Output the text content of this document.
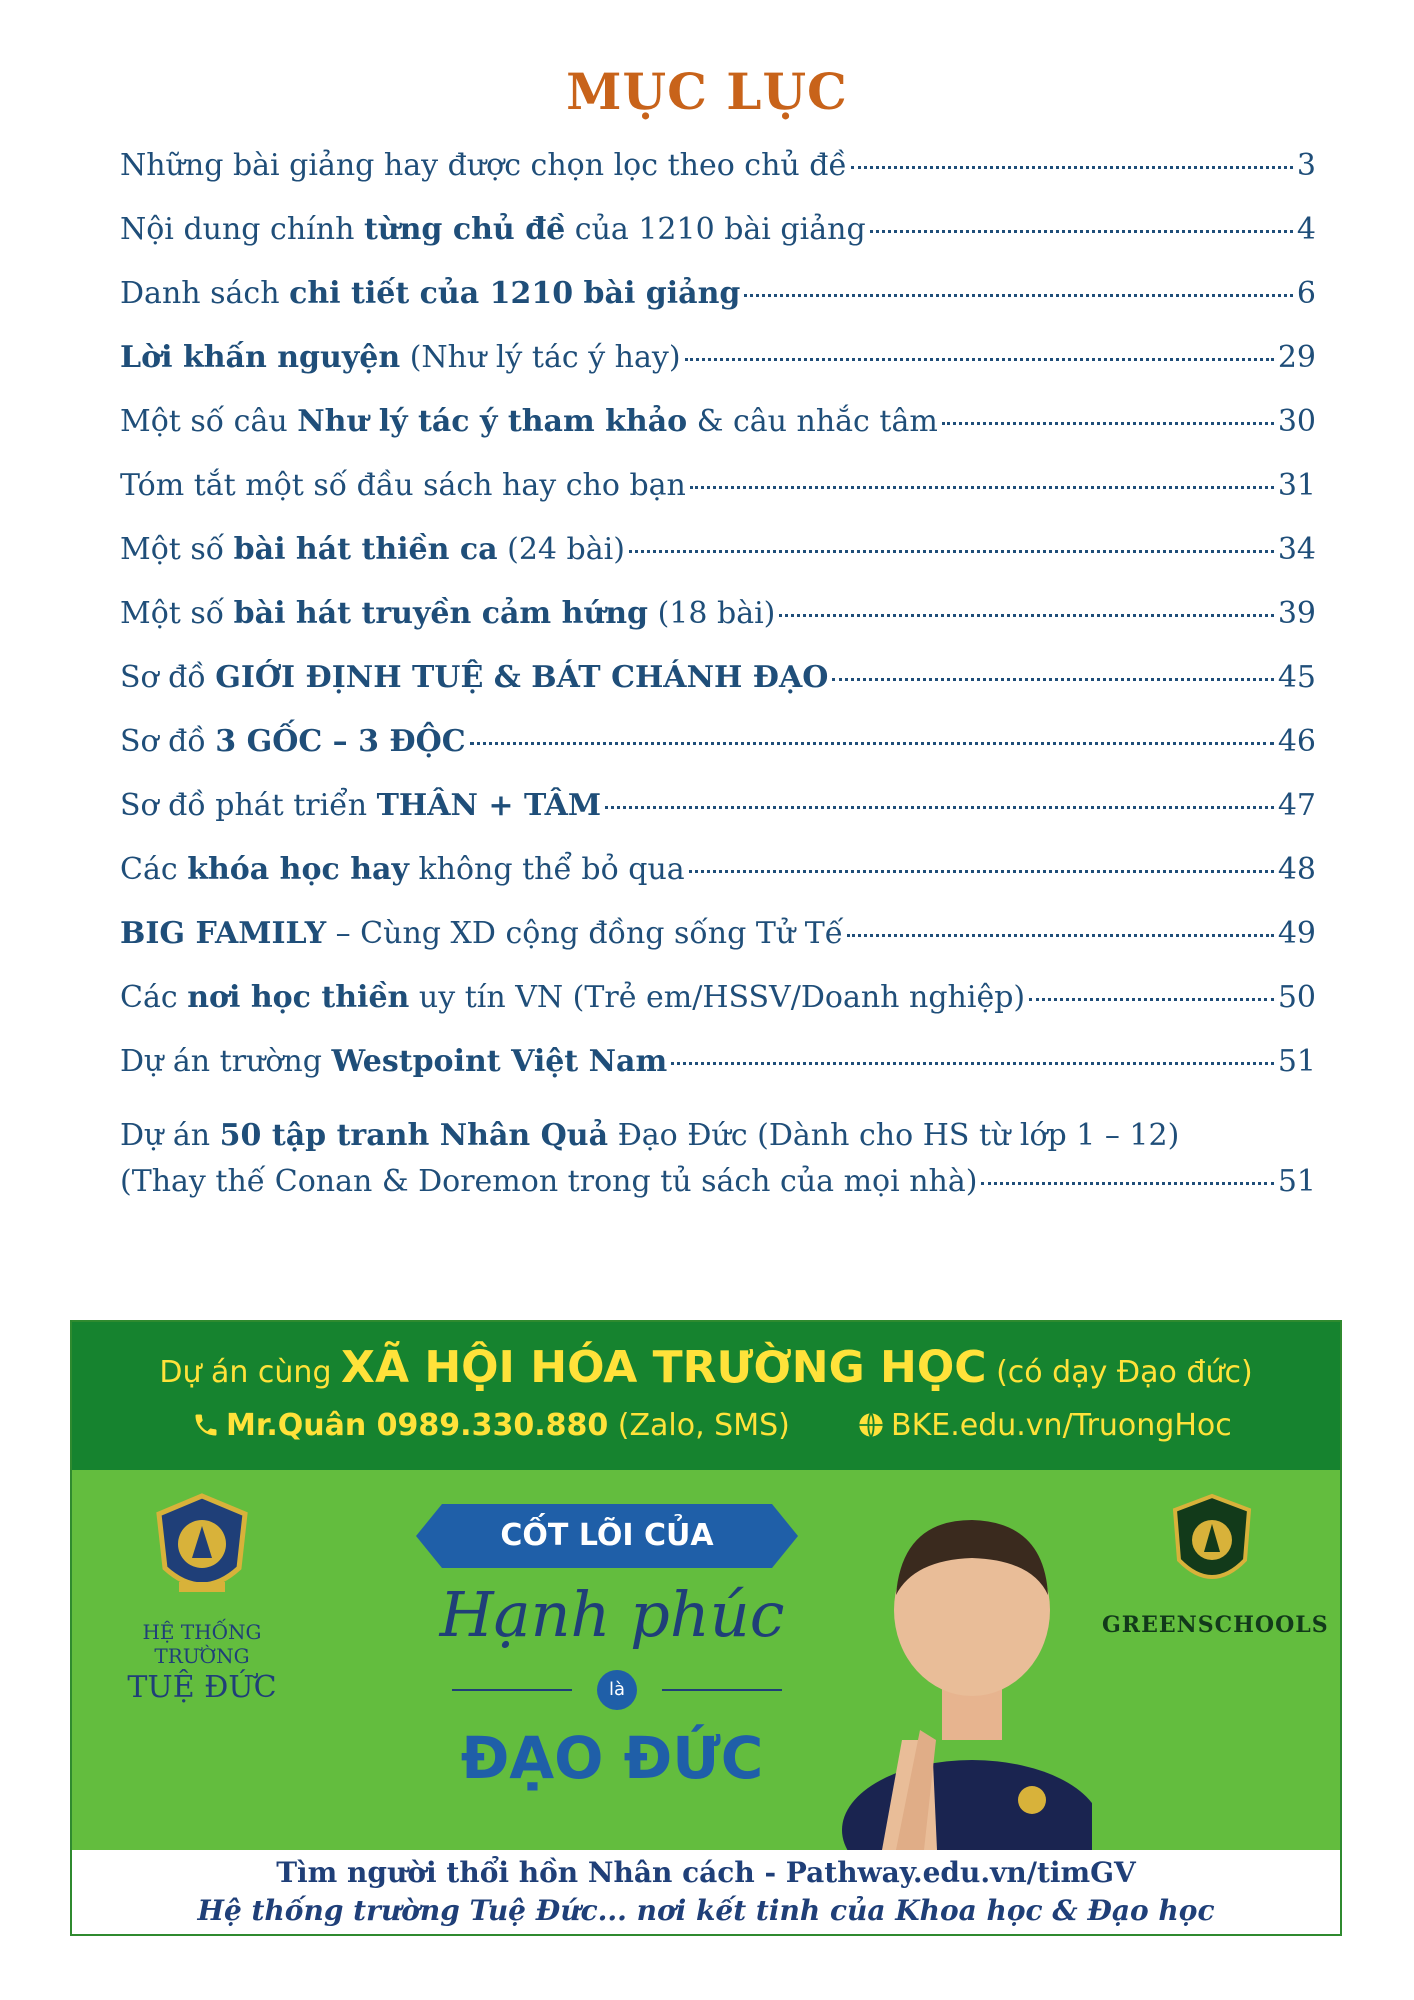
MỤC LỤC
Những bài giảng hay được chọn lọc theo chủ đề	3
Nội dung chính từng chủ đề của 1210 bài giảng	4
Danh sách chi tiết của 1210 bài giảng	6
Lời khấn nguyện (Như lý tác ý hay)	29
Một số câu Như lý tác ý tham khảo & câu nhắc tâm	30
Tóm tắt một số đầu sách hay cho bạn	31
Một số bài hát thiền ca (24 bài)	34
Một số bài hát truyền cảm hứng (18 bài)	39
Sơ đồ GIỚI ĐỊNH TUỆ & BÁT CHÁNH ĐẠO	45
Sơ đồ 3 GỐC – 3 ĐỘC	46
Sơ đồ phát triển THÂN + TÂM	47
Các khóa học hay không thể bỏ qua	48
BIG FAMILY – Cùng XD cộng đồng sống Tử Tế	49
Các nơi học thiền uy tín VN (Trẻ em/HSSV/Doanh nghiệp)	50
Dự án trường Westpoint Việt Nam	51
Dự án 50 tập tranh Nhân Quả Đạo Đức (Dành cho HS từ lớp 1 – 12)
(Thay thế Conan & Doremon trong tủ sách của mọi nhà)	51
Dự án cùng XÃ HỘI HÓA TRƯỜNG HỌC (có dạy Đạo đức)
Mr.Quân 0989.330.880 (Zalo, SMS)	BKE.edu.vn/TruongHoc
HỆ THỐNG TRƯỜNG
TUỆ ĐỨC
CỐT LÕI CỦA
Hạnh phúc
là
ĐẠO ĐỨC
GREENSCHOOLS
Tìm người thổi hồn Nhân cách - Pathway.edu.vn/timGV
Hệ thống trường Tuệ Đức... nơi kết tinh của Khoa học & Đạo học
